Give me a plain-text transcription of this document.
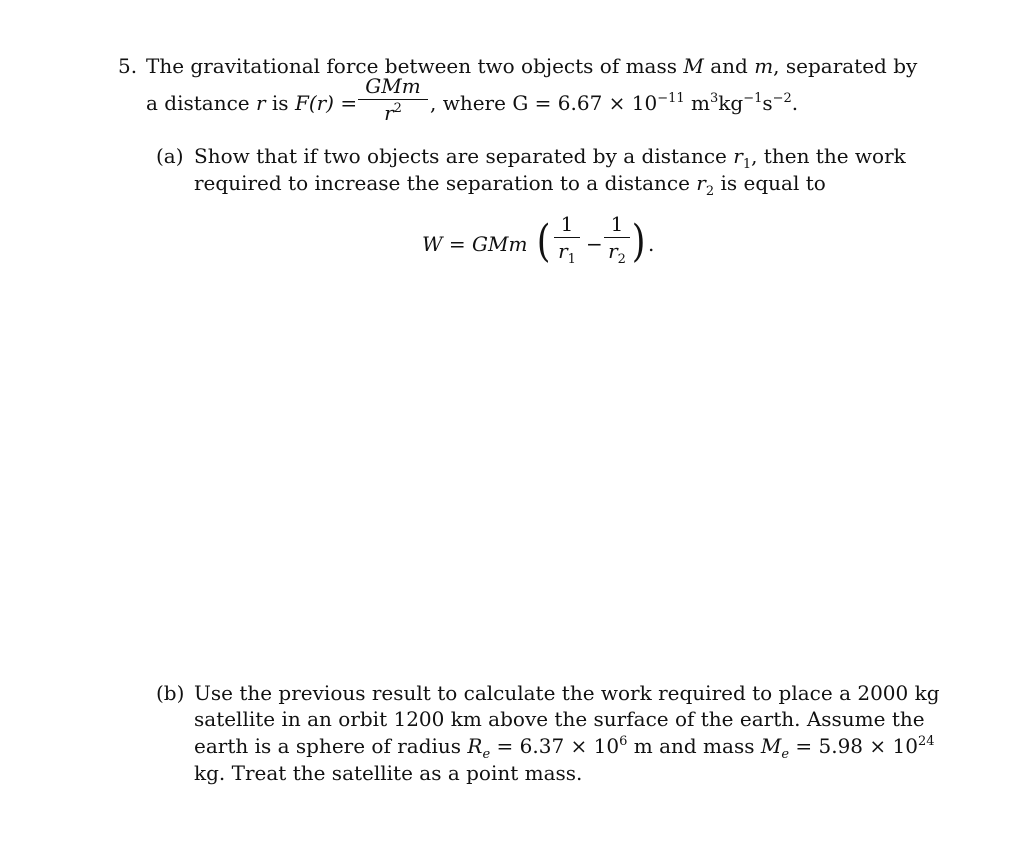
5. The gravitational force between two objects of mass M and m, separated by
a distance r is F(r) =
GMm
$r^2$	, where $G = 6.67 \times 10^{-11}$ $m^3kg^{-1}s^{-2}$.
(a) Show that if two objects are separated by a distance $r_1$, then the work
required to increase the separation to a distance $r_2$ is equal to
W = GMm ( 1
$r_1$
−
1
$r_2$ ) .
(b) Use the previous result to calculate the work required to place a 2000 kg
satellite in an orbit 1200 km above the surface of the earth. Assume the
earth is a sphere of radius $R_e = 6.37 \times 10^6$ m and mass $M_e = 5.98 \times 10^{24}$
kg. Treat the satellite as a point mass.
